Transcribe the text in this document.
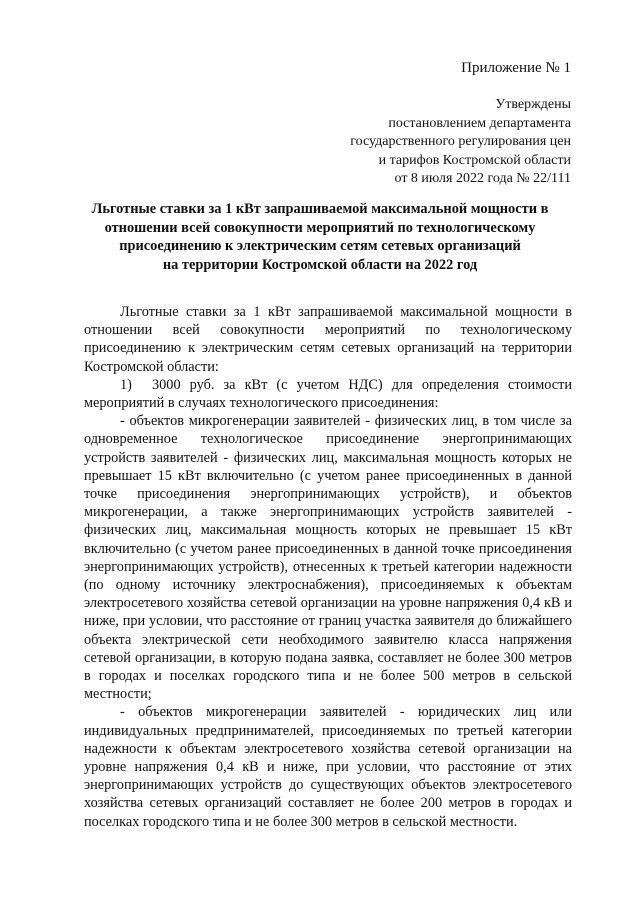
Приложение № 1

Утверждены
постановлением департамента
государственного регулирования цен
и тарифов Костромской области
от 8 июля 2022 года № 22/111
Льготные ставки за 1 кВт запрашиваемой максимальной мощности в
отношении всей совокупности мероприятий по технологическому
присоединению к электрическим сетям сетевых организаций
на территории Костромской области на 2022 год

Льготные ставки за 1 кВт запрашиваемой максимальной мощности в отношении всей совокупности мероприятий по технологическому присоединению к электрическим сетям сетевых организаций на территории Костромской области:

1) 3000 руб. за кВт (с учетом НДС) для определения стоимости мероприятий в случаях технологического присоединения:

- объектов микрогенерации заявителей - физических лиц, в том числе за одновременное технологическое присоединение энергопринимающих устройств заявителей - физических лиц, максимальная мощность которых не превышает 15 кВт включительно (с учетом ранее присоединенных в данной точке присоединения энергопринимающих устройств), и объектов микрогенерации, а также энергопринимающих устройств заявителей - физических лиц, максимальная мощность которых не превышает 15 кВт включительно (с учетом ранее присоединенных в данной точке присоединения энергопринимающих устройств), отнесенных к третьей категории надежности (по одному источнику электроснабжения), присоединяемых к объектам электросетевого хозяйства сетевой организации на уровне напряжения 0,4 кВ и ниже, при условии, что расстояние от границ участка заявителя до ближайшего объекта электрической сети необходимого заявителю класса напряжения сетевой организации, в которую подана заявка, составляет не более 300 метров в городах и поселках городского типа и не более 500 метров в сельской местности;

- объектов микрогенерации заявителей - юридических лиц или индивидуальных предпринимателей, присоединяемых по третьей категории надежности к объектам электросетевого хозяйства сетевой организации на уровне напряжения 0,4 кВ и ниже, при условии, что расстояние от этих энергопринимающих устройств до существующих объектов электросетевого хозяйства сетевых организаций составляет не более 200 метров в городах и поселках городского типа и не более 300 метров в сельской местности.
